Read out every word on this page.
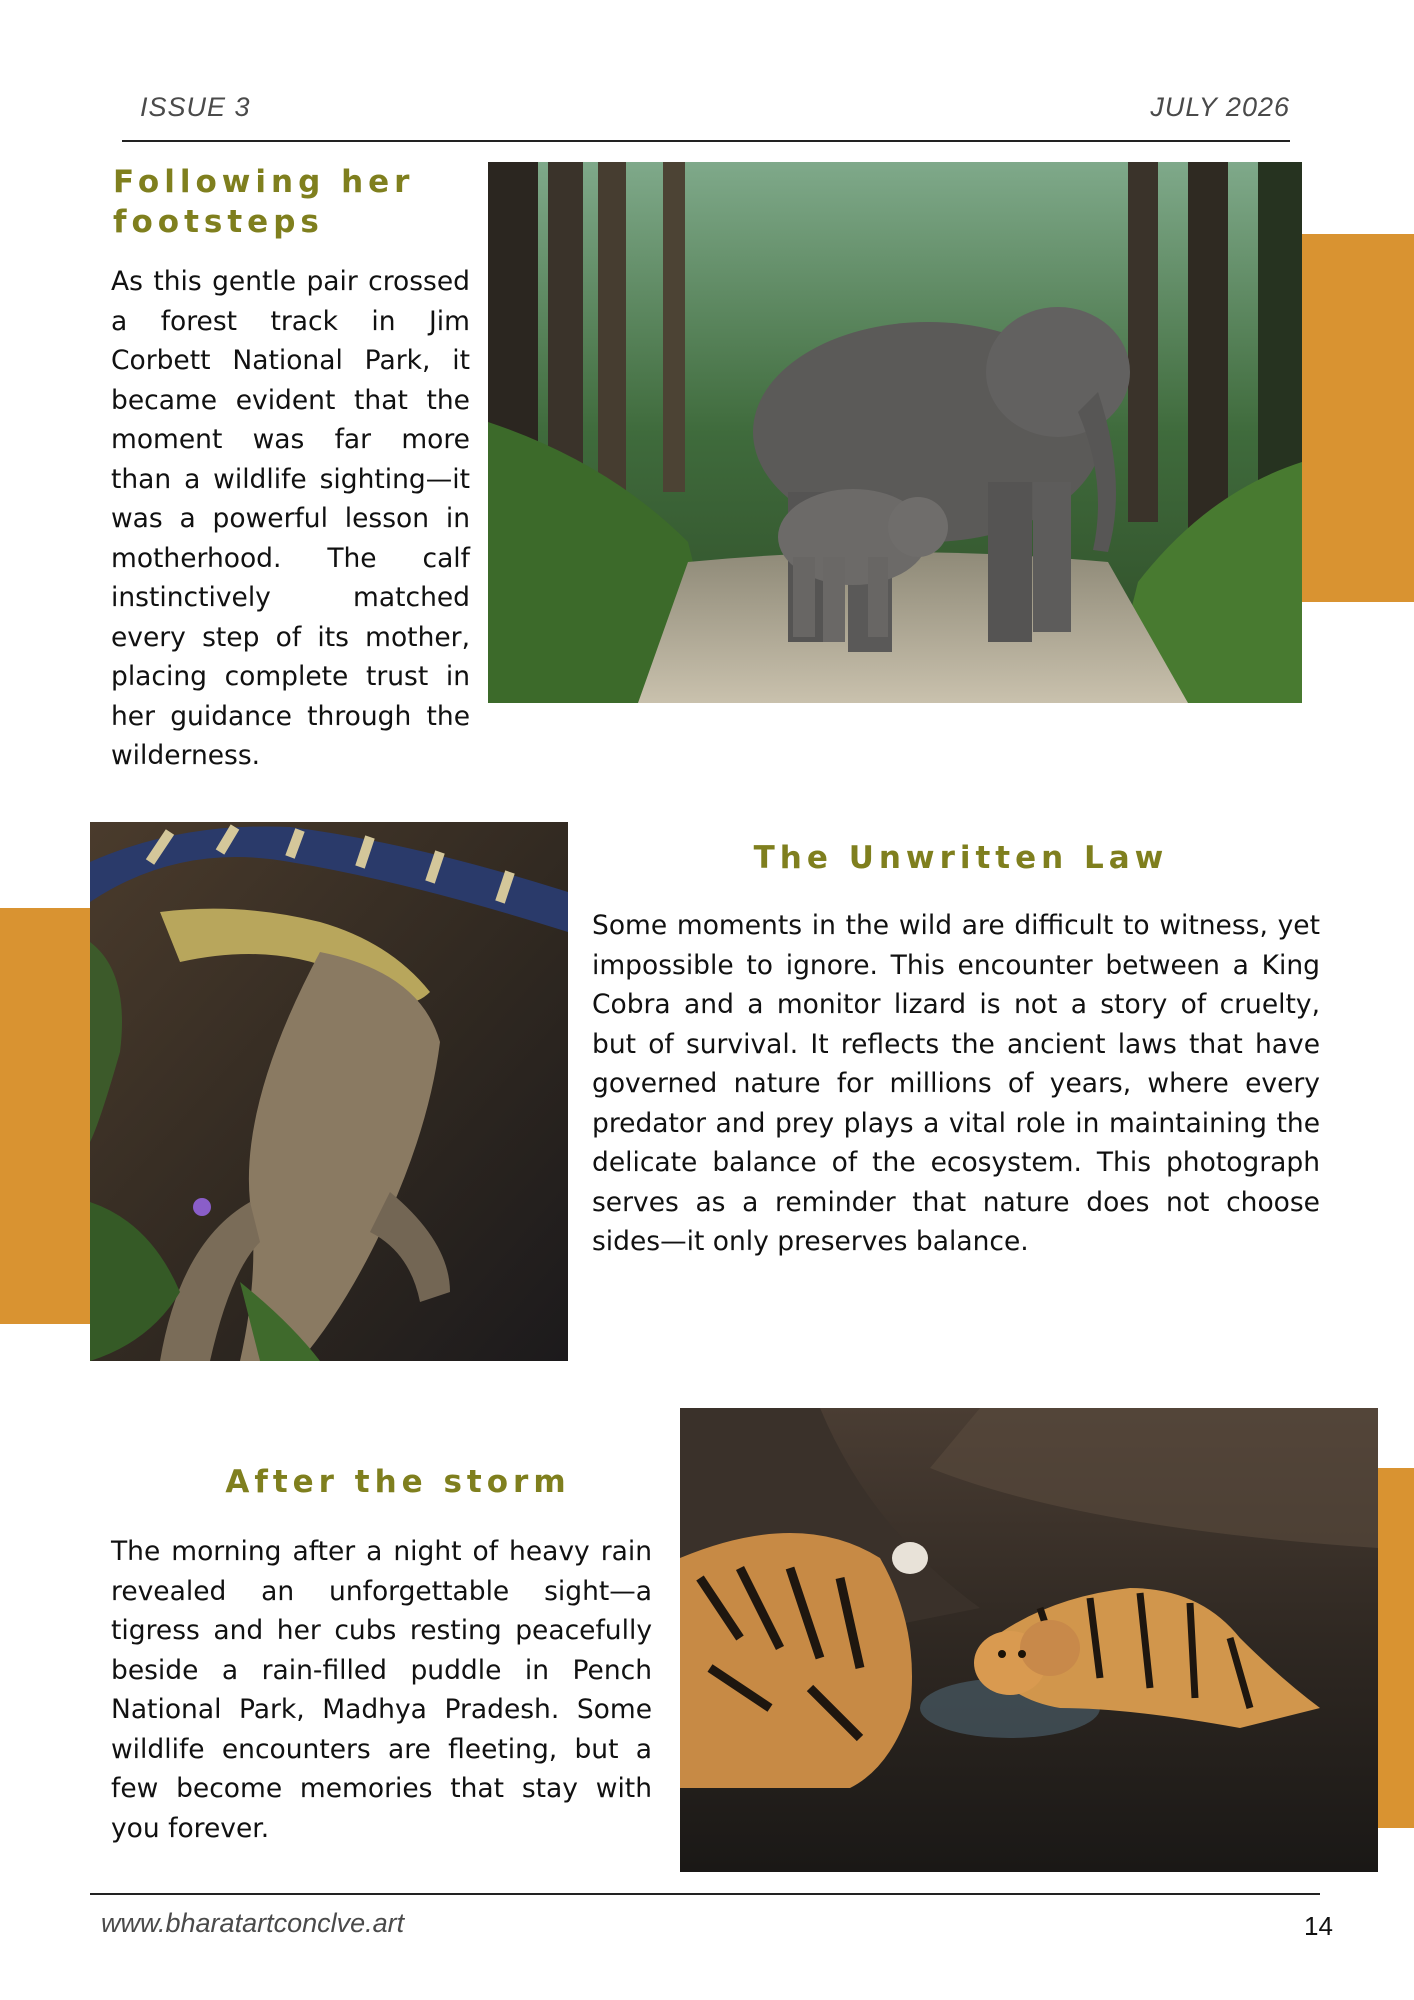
ISSUE 3	JULY 2026
Following her
footsteps
As this gentle pair crossed a forest track in Jim Corbett National Park, it became evident that the moment was far more than a wildlife sighting—it was a powerful lesson in motherhood. The calf instinctively matched every step of its mother, placing complete trust in her guidance through the wilderness.
The Unwritten Law
Some moments in the wild are difficult to witness, yet impossible to ignore. This encounter between a King Cobra and a monitor lizard is not a story of cruelty, but of survival. It reflects the ancient laws that have governed nature for millions of years, where every predator and prey plays a vital role in maintaining the delicate balance of the ecosystem. This photograph serves as a reminder that nature does not choose sides—it only preserves balance.
After the storm
The morning after a night of heavy rain revealed an unforgettable sight—a tigress and her cubs resting peacefully beside a rain-filled puddle in Pench National Park, Madhya Pradesh. Some wildlife encounters are fleeting, but a few become memories that stay with you forever.
www.bharatartconclve.art	14
